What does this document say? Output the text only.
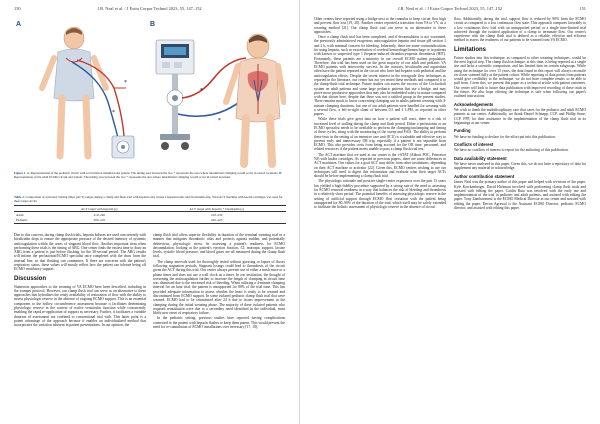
J.R. Neal et al. / J Extra Corpor Technol 2023, 55, 147–152
150
A
*
*
B
*
*
Figure 1. A: Representation of the pediatric circuit with recirculation manifold and patient. The tubing area between the two * represents the area where intermittent clamping would occur in varied locations. B: Representation of the adult ECMO circuit and patient. The tubing area between the two * represents the area where intermittent clamping would occur in varied locations.
Table 2. Comparison of activated clotting times (ACT) ranges during a clamp and flush trial with heparin only versus a heparin bolus and bivalirudin drip. Total ACT machine with kaolin cartridges was used for these target ACTs.
	ACT target with heparin (s)	ACT target with heparin + bivalirudin (s)
Adult	210–220	210–230
Pediatric	200–210	220–225

Due to this concern, during clamp flush trials, heparin boluses are used concurrently with bivalirudin drips to ensure the appropriate pressure of the desired intensity of systemic anticoagulation within the areas of stagnant blood flow. Another important item when performing these trials is the timing of ABG. One center finds the easiest time to draw an ABG from a patient is just before flushing for the 30-second period. The ABG results will inform the perfusionist/ECMO specialist once completed with the draw from the internal line, so that flushing can commence. If there are concerns with the patient's respiratory status, these values will mostly reflect how the patient can tolerate being off ECMO ventilatory support.

Discussion

Numerous approaches to the weaning of VA ECMO have been described, including in the trumpet protocol. However, our clamp flush trial can serve as an alternative to these approaches that hybridizes the ready availability of restoration of flow with the ability to assess physiologic reserve in the absence of ongoing ECMO support. This is an essential component to the hollow circumference assessment because it facilitates determining physiologic reserve in the context of native ventricular function while concurrently enabling the rapid re-application of support as necessary. Further, it facilitates a variable duration of assessment not confined to conventional trial with. This latter point is a potent advantage of the approach because it enables an individualized method that incorporates the variation inherent in patient presentations. In our opinion, the

clamp flush trial offers superior flexibility in duration of the terminal weaning trial in a manner that mitigates thrombotic risks and protects against sudden, and potentially deleterious, physiologic stress. In assessing a patient's readiness for ECMO decannulation, looking at the patient's ejection fraction, CI, inotropic support, lactate levels, systolic blood pressure, and blood gases are all measured during the clamp flush trial.

The clamp intervals used for thoroughly tested without guessing or lapses of fluxes following stagnation periods. Stagnant lysings could lead to thrombosis of the circuit given the ACT during this trial. Our center always prevent use of either a mesh more or a phone timer and does not use a wall clock as a timer. In our institution, the thought of worsening the anticoagulation further to increase the length of clamping in circuit time was dismissed due to the increased risk of bleeding. When utilizing a 4-minute clamping interval for an hour trial, the patient is unsupported for 80% of the trial time. This has provided adequate information to assess whether the heart is ready to be weaned and discontinued from ECMO support. In some isolated pediatric clamp flush trial that were weaned, ECMO had to be reinstituted after 24 h due to issues improvement in the clamping during the initial weaning phase. The majority of these isolated patients who required reinstitution were due to a secondary need identified in the individual, most likely new onset of respiratory failure.

In the pediatric setting, previous studies have reported having complications connected to the patient with heparin flushes to keep them patent. This would prevent the need for re-cannulation of ECMO installations over necessary [17, 18],

J.R. Neal et al. / J Extra Corpor Technol 2023, 55, 147–152	151

Other centers have reported using a bridge next to the cannulas to keep circuit flow high and prevent flow loss [19, 20]. Another center reported a transition from VA to VV, as a weaning method [21]. Our clamp flush trial can serve as an alternative to these approaches.

Once a clamp flush trial has been completed, and if decannulation is not warranted, the previously administered exogenous anticoagulation heparin and tissue pH section 1 and 2 h, with minimal concern for bleeding. Inherently, there are some contraindications for using heparin, such as exacerbation of cerebral hemorrhage/hemorrhage or in patients with known or suspected type 1 (heparin-induced thrombocytopenia thrombosis (HIT). Fortunately, these patients are a minority in our overall ECMO patient population. Therefore, this trial has been used on the great majority of our adult and pediatric VA ECMO patients with noteworthy success. In the contrary, bivalirudin and argatroban often have the patient reported in the circuit who have had heparin with pedinical and the anticoagulation effects. Despite the recent interest in the retrograde flow techniques as reported in the literature, our center has not yet tested these methods and compared it to the clamp-flush trial technique. Future studies can assess the success of the Cockroftaft system on adult patients and some large pediatric patients that use a bridge, and may prove more productive approaches that may also be embedded safety in nature compared with that shown here, despite that there was not a ratified group in the present studies. There remains much to know concerning clamping use in adults patients weaning with 4-minute clamping durations, but one of our adult patients were handled for weaning with a several flow, a left-to-right shunt of between 0.5 and 1 LPM, as reported in other papers.

While these trials give great data on how a patient will react, there is a risk of increased level of stalling during the clamp and flush period. Either a perfusionist or an ECMO specialist needs to be available to perform the clamping/unclamping and timing of these cycles, along with the monitoring of the sweep and FiO2. The ability to perform these tests in the setting of an intensive care unit (ICU) is a valuable and effective way to prevent early and unnecessary OR trip, especially if a patient is not separable from ECMO. This also provides costs from being accrued for the OR time, personnel, and related resources if the patient meets unable to pass a clamp flush trial test.

The ACT machine that we used at our center is the i-STAT (Abbott POC, Princeton NJ) with kaolin cartridges. As reported in previous papers, there are some differences in ACT machines. Our values for a goal ACT may differ from other institutions, depending on their ACT machine or activator [22]. Given this, ECMO centers wishing to use our techniques will need to digest this information and evaluate what their target ACTs should be before implementing a clamp flush trial.

The physiologic rationale and positive single-center experience over the past 13 years has yielded a high-fidelity procedure supported by a strong rate of the need to assessing for ECMO removal readiness in a way that balances the risk of bleeding and thrombosis in a relatively short period. The potential benefits of assessing physiologic reserve in the setting of artificial support through ECMO flow cessation with the patient being unsupported for 80–90% of the duration of the trial, which itself may be safely extended to facilitate the holistic assessment of physiologic reserve in the absence of circuit

flow. Additionally, during the trial, support flow is reduced by 90% from the ECMO circuit as compared to a low continuous flow state. This approach compares favorably to a low continuous flow trial with an unsupported period or a single time-limited trial achieved through the isolated application of a clamp to terminate flow. Our center's experience with the clamp flush trial is defined as a reliable, effective and efficient method to assess the readiness of our patients to be weaned from VA ECMO.

Limitations

Future studies into this technique, as compared to other weaning techniques, would be the next logical step. The clamp flush technique, at this time, is being reported at a single site and lacks a scientific comparison, and has limited data on certain subgroups. While using the technique for over 13 years, the data found in this report will always reconcile on closer scanned fully at the patient cohort. While reporting of data points from patients would give credibility to the technique, we do not have complete results so be able to pull from. Given this, we present this paper as a technical article with patient outcomes. Our center will look to future data publication with improved recording of these trials in the future. We also hope offering the technique is safe when following our paper's outlined instructions.

Acknowledgements

We wish to thank the multidisciplinary care that cares for the pediatric and adult ECMO patients at our center. Additionally, we thank Daniel Schnapp, CCP, and Phillip Sasse, CCP, FPP, for their assistance in the implementation of the clamp flush trial in its beginnings at our center.

Funding

We have no funding to declare for the effort put into this publication.

Conflicts of interest

We have no conflicts of interest to report for the authoring of this publication.

Data availability statement

We have never analyzed in this paper. Given this, we do not have a repository of data for supplement any material to acknowledge.

Author contribution statement

James Neal was the primary author of this paper and helped with revisions of the paper. Kyle Kerckenberger, David Hickman involved with performing clamp flush trials and assisted with editing the paper. Caitlin Ruia was involved with the early use and implementation of the trial in pediatric and adult patients, and assisted with editing the paper. Tony Zambavaneni is the ECMO Medical Director at our center and assisted with editing the paper. Devon Agrawal is the Assistant ECMO Director, pediatric ECMO director, and assisted with editing this paper.
